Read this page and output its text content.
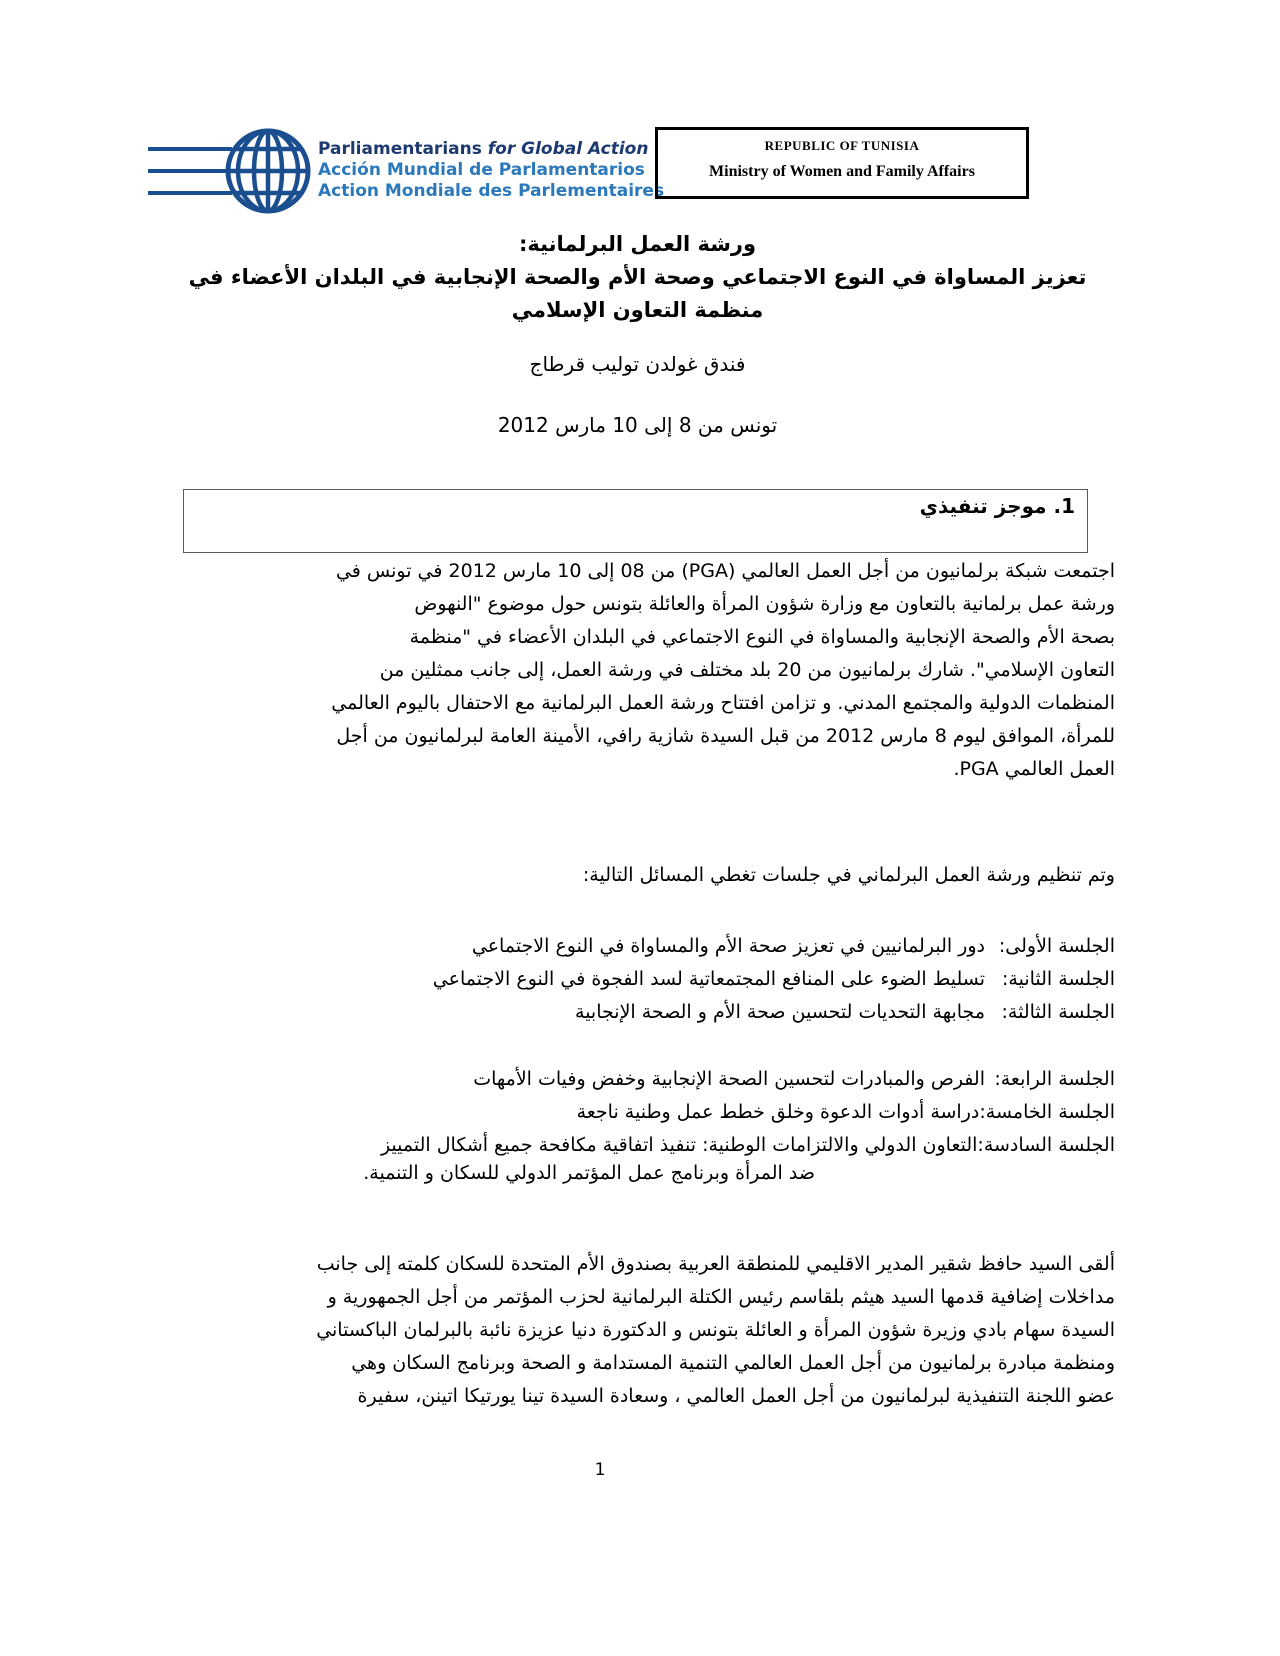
Parliamentarians for Global Action
Acción Mundial de Parlamentarios
Action Mondiale des Parlementaires
REPUBLIC OF TUNISIA
Ministry of Women and Family Affairs
ورشة العمل البرلمانية:
تعزيز المساواة في النوع الاجتماعي وصحة الأم والصحة الإنجابية في البلدان الأعضاء في
منظمة التعاون الإسلامي
فندق غولدن توليب قرطاج
تونس من 8 إلى 10 مارس 2012
1. موجز تنفيذي
اجتمعت شبكة برلمانيون من أجل العمل العالمي (PGA) من 08 إلى 10 مارس 2012 في تونس في
ورشة عمل برلمانية بالتعاون مع وزارة شؤون المرأة والعائلة بتونس حول موضوع "النهوض
بصحة الأم والصحة الإنجابية والمساواة في النوع الاجتماعي في البلدان الأعضاء في "منظمة
التعاون الإسلامي". شارك برلمانيون من 20 بلد مختلف في ورشة العمل، إلى جانب ممثلين من
المنظمات الدولية والمجتمع المدني. و تزامن افتتاح ورشة العمل البرلمانية مع الاحتفال باليوم العالمي
للمرأة، الموافق ليوم 8 مارس 2012 من قبل السيدة شازية رافي، الأمينة العامة لبرلمانيون من أجل
العمل العالمي PGA.
وتم تنظيم ورشة العمل البرلماني في جلسات تغطي المسائل التالية:
الجلسة الأولى:
دور البرلمانيين في تعزيز صحة الأم والمساواة في النوع الاجتماعي
الجلسة الثانية:
تسليط الضوء على المنافع المجتمعاتية لسد الفجوة في النوع الاجتماعي
الجلسة الثالثة:
مجابهة التحديات لتحسين صحة الأم و الصحة الإنجابية
الجلسة الرابعة:
الفرص والمبادرات لتحسين الصحة الإنجابية وخفض وفيات الأمهات
الجلسة الخامسة:
دراسة أدوات الدعوة وخلق خطط عمل وطنية ناجعة
الجلسة السادسة:
التعاون الدولي والالتزامات الوطنية: تنفيذ اتفاقية مكافحة جميع أشكال التمييز
ضد المرأة وبرنامج عمل المؤتمر الدولي للسكان و التنمية.
ألقى السيد حافظ شقير المدير الاقليمي للمنطقة العربية بصندوق الأم المتحدة للسكان كلمته إلى جانب
مداخلات إضافية قدمها السيد هيثم بلقاسم رئيس الكتلة البرلمانية لحزب المؤتمر من أجل الجمهورية و
السيدة سهام بادي وزيرة شؤون المرأة و العائلة بتونس و الدكتورة دنيا عزيزة نائبة بالبرلمان الباكستاني
ومنظمة مبادرة برلمانيون من أجل العمل العالمي التنمية المستدامة و الصحة وبرنامج السكان وهي
عضو اللجنة التنفيذية لبرلمانيون من أجل العمل العالمي ، وسعادة السيدة تينا يورتيكا اتينن، سفيرة
1
